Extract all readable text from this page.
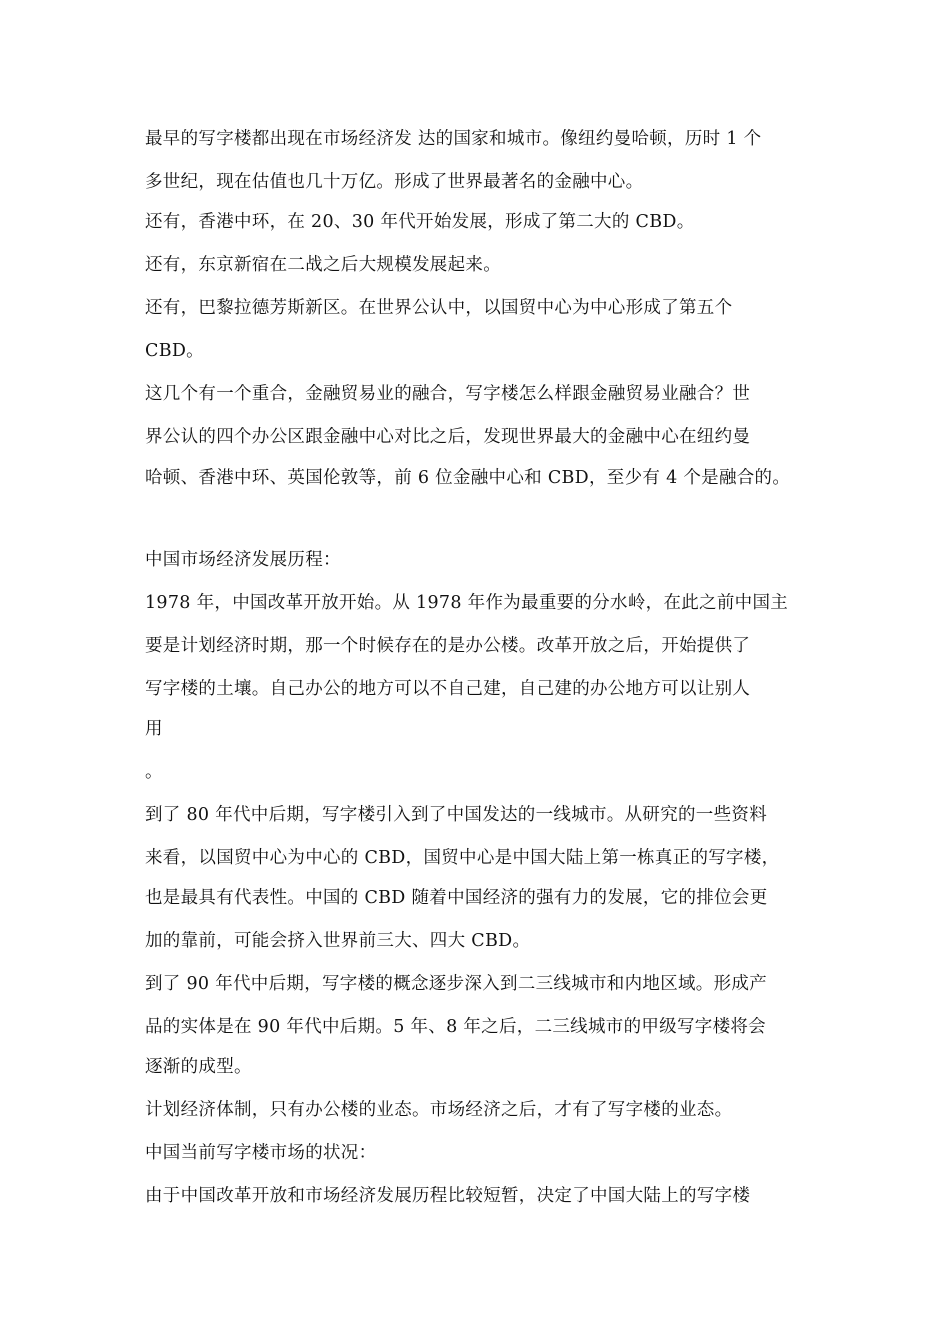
最早的写字楼都出现在市场经济发 达的国家和城市。像纽约曼哈顿，历时 1 个
多世纪，现在估值也几十万亿。形成了世界最著名的金融中心。
还有，香港中环，在 20、30 年代开始发展，形成了第二大的 CBD。
还有，东京新宿在二战之后大规模发展起来。
还有，巴黎拉德芳斯新区。在世界公认中，以国贸中心为中心形成了第五个
CBD。
这几个有一个重合，金融贸易业的融合，写字楼怎么样跟金融贸易业融合？世
界公认的四个办公区跟金融中心对比之后，发现世界最大的金融中心在纽约曼
哈顿、香港中环、英国伦敦等，前 6 位金融中心和 CBD，至少有 4 个是融合的。
中国市场经济发展历程：
1978 年，中国改革开放开始。从 1978 年作为最重要的分水岭，在此之前中国主
要是计划经济时期，那一个时候存在的是办公楼。改革开放之后，开始提供了
写字楼的土壤。自己办公的地方可以不自己建，自己建的办公地方可以让别人
用
。
到了 80 年代中后期，写字楼引入到了中国发达的一线城市。从研究的一些资料
来看，以国贸中心为中心的 CBD，国贸中心是中国大陆上第一栋真正的写字楼，
也是最具有代表性。中国的 CBD 随着中国经济的强有力的发展，它的排位会更
加的靠前，可能会挤入世界前三大、四大 CBD。
到了 90 年代中后期，写字楼的概念逐步深入到二三线城市和内地区域。形成产
品的实体是在 90 年代中后期。5 年、8 年之后，二三线城市的甲级写字楼将会
逐渐的成型。
计划经济体制，只有办公楼的业态。市场经济之后，才有了写字楼的业态。
中国当前写字楼市场的状况：
由于中国改革开放和市场经济发展历程比较短暂，决定了中国大陆上的写字楼
